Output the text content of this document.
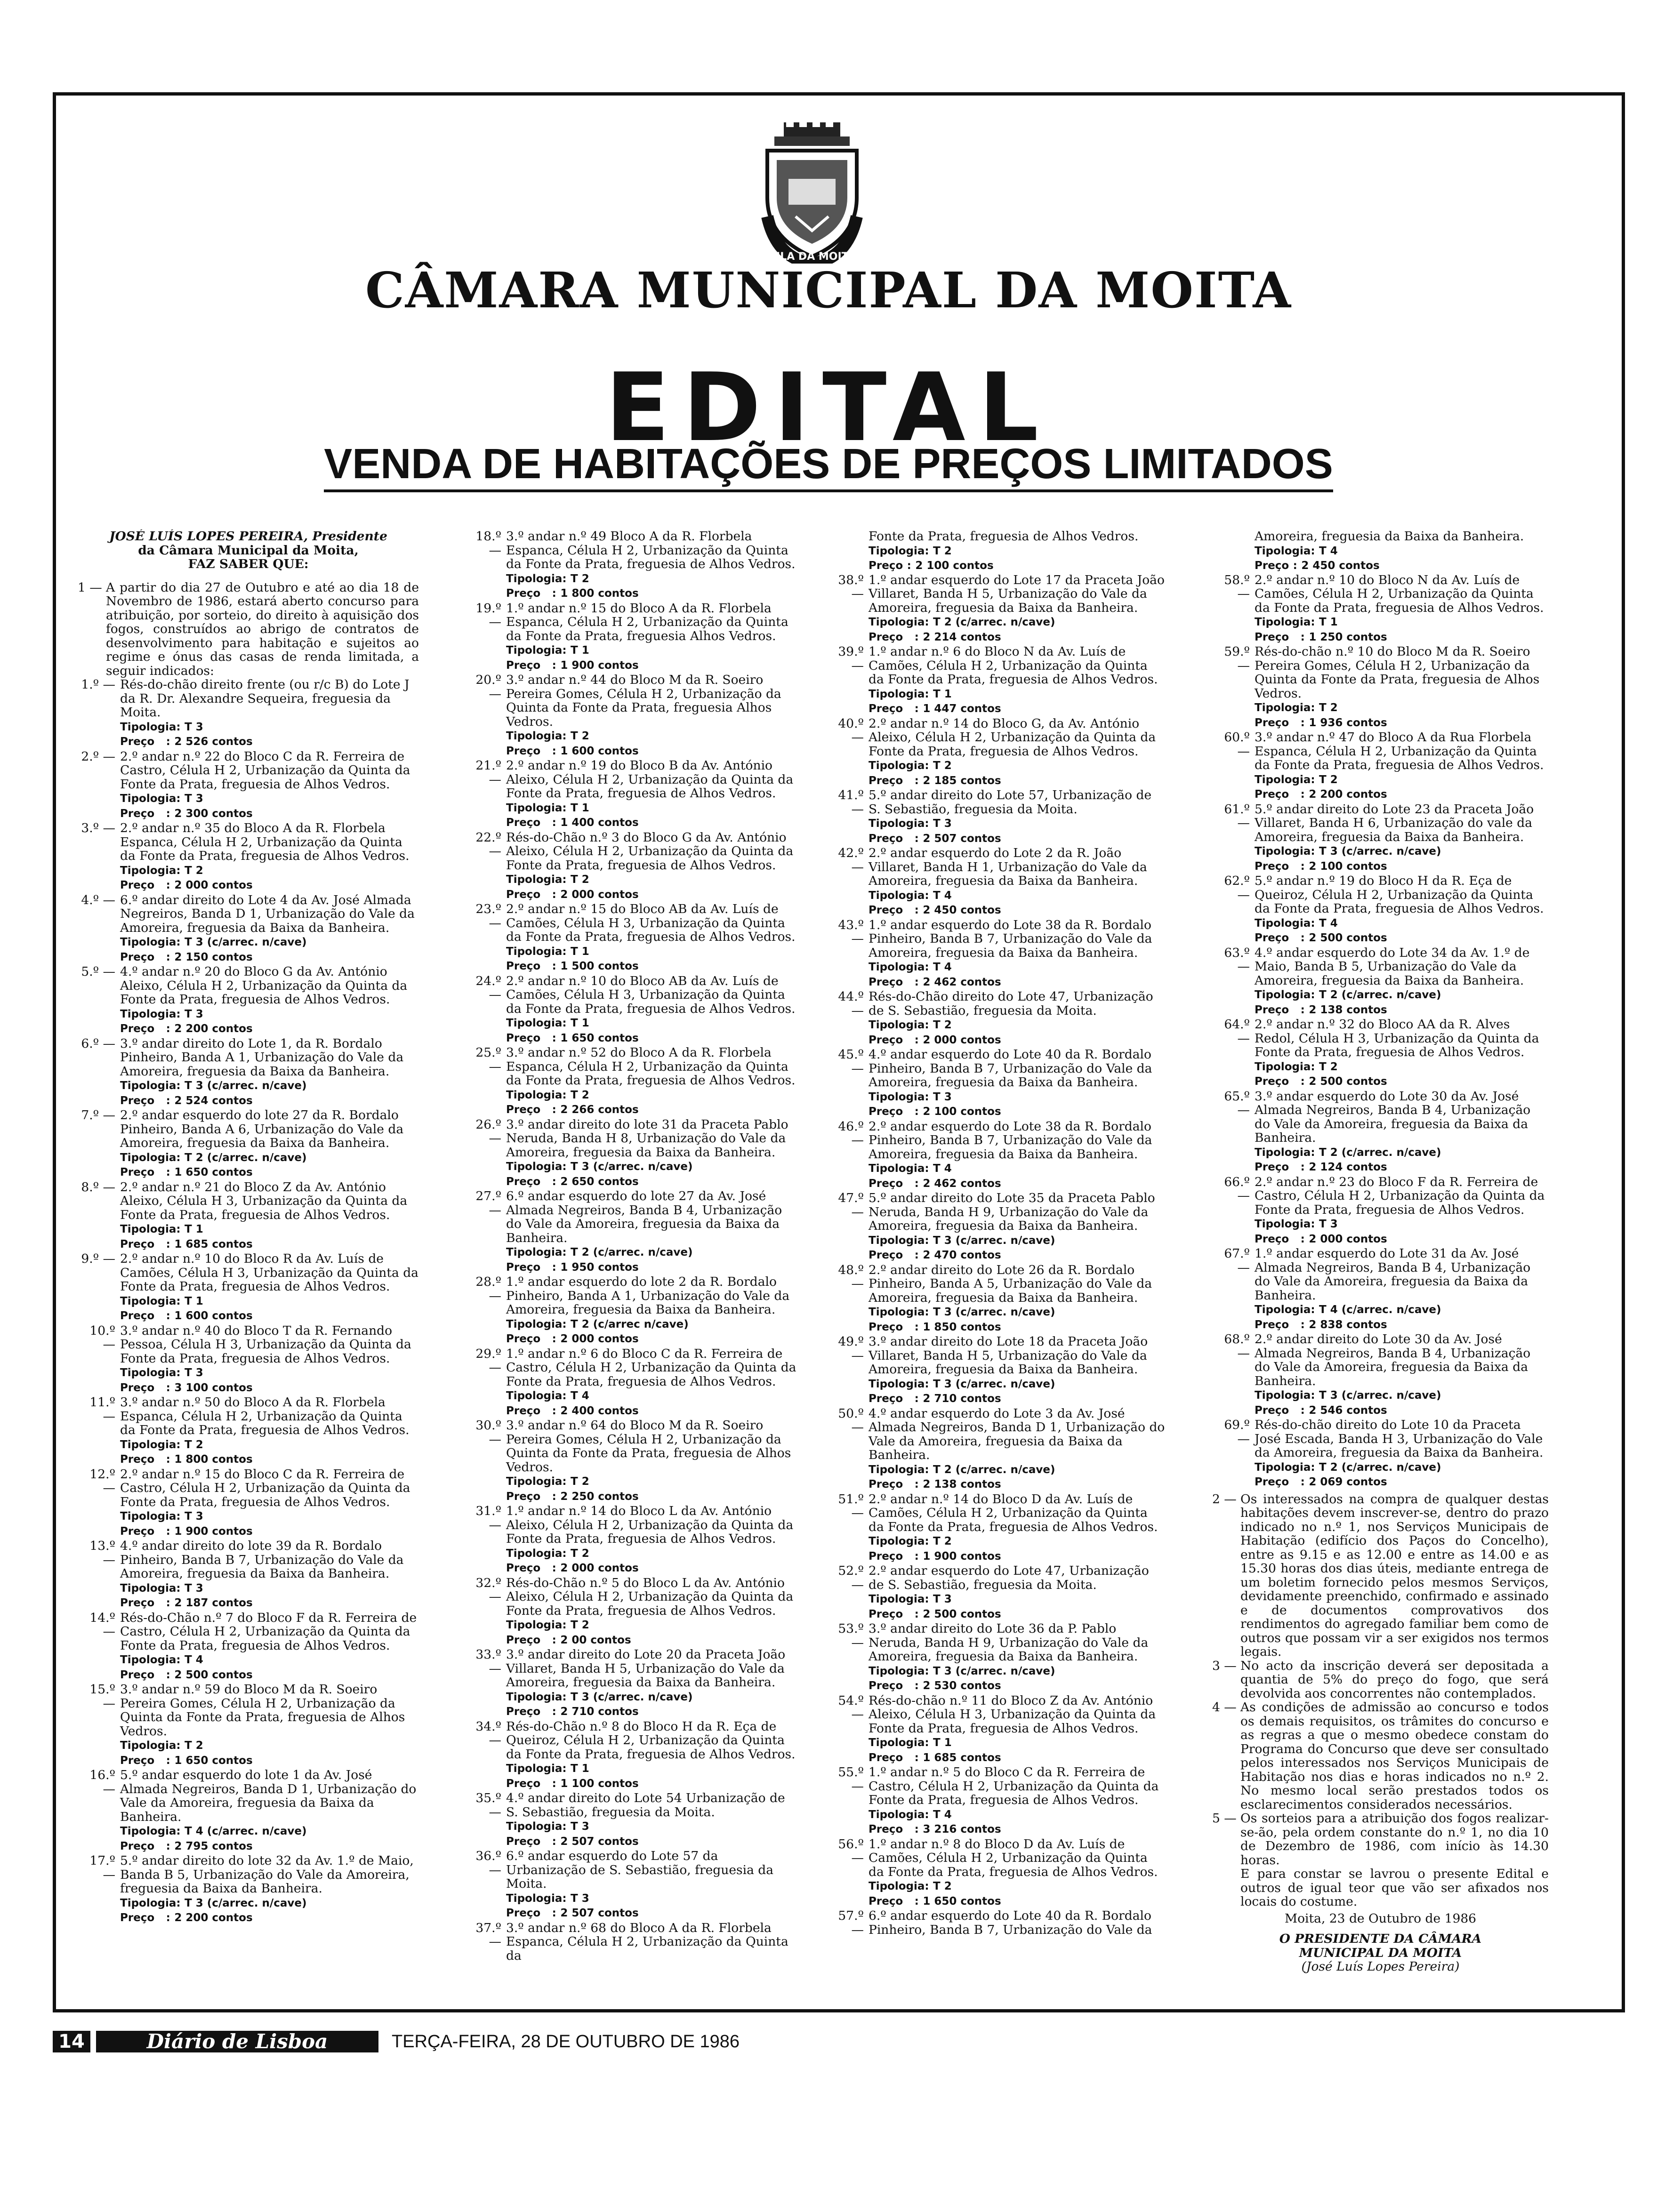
VILA DA MOITA
CÂMARA MUNICIPAL DA MOITA
EDITAL
VENDA DE HABITAÇÕES DE PREÇOS LIMITADOS
JOSÉ LUÍS LOPES PEREIRA, Presidente
da Câmara Municipal da Moita,
FAZ SABER QUE:
1 — A partir do dia 27 de Outubro e até ao dia 18 de Novembro de 1986, estará aberto concurso para atribuição, por sorteio, do direito à aquisição dos fogos, construídos ao abrigo de contratos de desenvolvimento para habitação e sujeitos ao regime e ónus das casas de renda limitada, a seguir indicados:
1.º — Rés-do-chão direito frente (ou r/c B) do Lote J da R. Dr. Alexandre Sequeira, freguesia da Moita.
Tipologia: T 3
Preço   : 2 526 contos
2.º — 2.º andar n.º 22 do Bloco C da R. Ferreira de Castro, Célula H 2, Urbanização da Quinta da Fonte da Prata, freguesia de Alhos Vedros.
Tipologia: T 3
Preço   : 2 300 contos
3.º — 2.º andar n.º 35 do Bloco A da R. Florbela Espanca, Célula H 2, Urbanização da Quinta da Fonte da Prata, freguesia de Alhos Vedros.
Tipologia: T 2
Preço   : 2 000 contos
4.º — 6.º andar direito do Lote 4 da Av. José Almada Negreiros, Banda D 1, Urbanização do Vale da Amoreira, freguesia da Baixa da Banheira.
Tipologia: T 3 (c/arrec. n/cave)
Preço   : 2 150 contos
5.º — 4.º andar n.º 20 do Bloco G da Av. António Aleixo, Célula H 2, Urbanização da Quinta da Fonte da Prata, freguesia de Alhos Vedros.
Tipologia: T 3
Preço   : 2 200 contos
6.º — 3.º andar direito do Lote 1, da R. Bordalo Pinheiro, Banda A 1, Urbanização do Vale da Amoreira, freguesia da Baixa da Banheira.
Tipologia: T 3 (c/arrec. n/cave)
Preço   : 2 524 contos
7.º — 2.º andar esquerdo do lote 27 da R. Bordalo Pinheiro, Banda A 6, Urbanização do Vale da Amoreira, freguesia da Baixa da Banheira.
Tipologia: T 2 (c/arrec. n/cave)
Preço   : 1 650 contos
8.º — 2.º andar n.º 21 do Bloco Z da Av. António Aleixo, Célula H 3, Urbanização da Quinta da Fonte da Prata, freguesia de Alhos Vedros.
Tipologia: T 1
Preço   : 1 685 contos
9.º — 2.º andar n.º 10 do Bloco R da Av. Luís de Camões, Célula H 3, Urbanização da Quinta da Fonte da Prata, freguesia de Alhos Vedros.
Tipologia: T 1
Preço   : 1 600 contos
10.º —
3.º andar n.º 40 do Bloco T da R. Fernando Pessoa, Célula H 3, Urbanização da Quinta da Fonte da Prata, freguesia de Alhos Vedros.
Tipologia: T 3
Preço   : 3 100 contos
11.º —
3.º andar n.º 50 do Bloco A da R. Florbela Espanca, Célula H 2, Urbanização da Quinta da Fonte da Prata, freguesia de Alhos Vedros.
Tipologia: T 2
Preço   : 1 800 contos
12.º —
2.º andar n.º 15 do Bloco C da R. Ferreira de Castro, Célula H 2, Urbanização da Quinta da Fonte da Prata, freguesia de Alhos Vedros.
Tipologia: T 3
Preço   : 1 900 contos
13.º —
4.º andar direito do lote 39 da R. Bordalo Pinheiro, Banda B 7, Urbanização do Vale da Amoreira, freguesia da Baixa da Banheira.
Tipologia: T 3
Preço   : 2 187 contos
14.º —
Rés-do-Chão n.º 7 do Bloco F da R. Ferreira de Castro, Célula H 2, Urbanização da Quinta da Fonte da Prata, freguesia de Alhos Vedros.
Tipologia: T 4
Preço   : 2 500 contos
15.º —
3.º andar n.º 59 do Bloco M da R. Soeiro Pereira Gomes, Célula H 2, Urbanização da Quinta da Fonte da Prata, freguesia de Alhos Vedros.
Tipologia: T 2
Preço   : 1 650 contos
16.º —
5.º andar esquerdo do lote 1 da Av. José Almada Negreiros, Banda D 1, Urbanização do Vale da Amoreira, freguesia da Baixa da Banheira.
Tipologia: T 4 (c/arrec. n/cave)
Preço   : 2 795 contos
17.º —
5.º andar direito do lote 32 da Av. 1.º de Maio, Banda B 5, Urbanização do Vale da Amoreira, freguesia da Baixa da Banheira.
Tipologia: T 3 (c/arrec. n/cave)
Preço   : 2 200 contos
18.º —
3.º andar n.º 49 Bloco A da R. Florbela Espanca, Célula H 2, Urbanização da Quinta da Fonte da Prata, freguesia de Alhos Vedros.
Tipologia: T 2
Preço   : 1 800 contos
19.º —
1.º andar n.º 15 do Bloco A da R. Florbela Espanca, Célula H 2, Urbanização da Quinta da Fonte da Prata, freguesia Alhos Vedros.
Tipologia: T 1
Preço   : 1 900 contos
20.º —
3.º andar n.º 44 do Bloco M da R. Soeiro Pereira Gomes, Célula H 2, Urbanização da Quinta da Fonte da Prata, freguesia Alhos Vedros.
Tipologia: T 2
Preço   : 1 600 contos
21.º —
2.º andar n.º 19 do Bloco B da Av. António Aleixo, Célula H 2, Urbanização da Quinta da Fonte da Prata, freguesia de Alhos Vedros.
Tipologia: T 1
Preço   : 1 400 contos
22.º —
Rés-do-Chão n.º 3 do Bloco G da Av. António Aleixo, Célula H 2, Urbanização da Quinta da Fonte da Prata, freguesia de Alhos Vedros.
Tipologia: T 2
Preço   : 2 000 contos
23.º —
2.º andar n.º 15 do Bloco AB da Av. Luís de Camões, Célula H 3, Urbanização da Quinta da Fonte da Prata, freguesia de Alhos Vedros.
Tipologia: T 1
Preço   : 1 500 contos
24.º —
2.º andar n.º 10 do Bloco AB da Av. Luís de Camões, Célula H 3, Urbanização da Quinta da Fonte da Prata, freguesia de Alhos Vedros.
Tipologia: T 1
Preço   : 1 650 contos
25.º —
3.º andar n.º 52 do Bloco A da R. Florbela Espanca, Célula H 2, Urbanização da Quinta da Fonte da Prata, freguesia de Alhos Vedros.
Tipologia: T 2
Preço   : 2 266 contos
26.º —
3.º andar direito do lote 31 da Praceta Pablo Neruda, Banda H 8, Urbanização do Vale da Amoreira, freguesia da Baixa da Banheira.
Tipologia: T 3 (c/arrec. n/cave)
Preço   : 2 650 contos
27.º —
6.º andar esquerdo do lote 27 da Av. José Almada Negreiros, Banda B 4, Urbanização do Vale da Amoreira, freguesia da Baixa da Banheira.
Tipologia: T 2 (c/arrec. n/cave)
Preço   : 1 950 contos
28.º —
1.º andar esquerdo do lote 2 da R. Bordalo Pinheiro, Banda A 1, Urbanização do Vale da Amoreira, freguesia da Baixa da Banheira.
Tipologia: T 2 (c/arrec n/cave)
Preço   : 2 000 contos
29.º —
1.º andar n.º 6 do Bloco C da R. Ferreira de Castro, Célula H 2, Urbanização da Quinta da Fonte da Prata, freguesia de Alhos Vedros.
Tipologia: T 4
Preço   : 2 400 contos
30.º —
3.º andar n.º 64 do Bloco M da R. Soeiro Pereira Gomes, Célula H 2, Urbanização da Quinta da Fonte da Prata, freguesia de Alhos Vedros.
Tipologia: T 2
Preço   : 2 250 contos
31.º —
1.º andar n.º 14 do Bloco L da Av. António Aleixo, Célula H 2, Urbanização da Quinta da Fonte da Prata, freguesia de Alhos Vedros.
Tipologia: T 2
Preço   : 2 000 contos
32.º —
Rés-do-Chão n.º 5 do Bloco L da Av. António Aleixo, Célula H 2, Urbanização da Quinta da Fonte da Prata, freguesia de Alhos Vedros.
Tipologia: T 2
Preço   : 2 00 contos
33.º —
3.º andar direito do Lote 20 da Praceta João Villaret, Banda H 5, Urbanização do Vale da Amoreira, freguesia da Baixa da Banheira.
Tipologia: T 3 (c/arrec. n/cave)
Preço   : 2 710 contos
34.º —
Rés-do-Chão n.º 8 do Bloco H da R. Eça de Queiroz, Célula H 2, Urbanização da Quinta da Fonte da Prata, freguesia de Alhos Vedros.
Tipologia: T 1
Preço   : 1 100 contos
35.º —
4.º andar direito do Lote 54 Urbanização de S. Sebastião, freguesia da Moita.
Tipologia: T 3
Preço   : 2 507 contos
36.º —
6.º andar esquerdo do Lote 57 da Urbanização de S. Sebastião, freguesia da Moita.
Tipologia: T 3
Preço   : 2 507 contos
37.º —
3.º andar n.º 68 do Bloco A da R. Florbela Espanca, Célula H 2, Urbanização da Quinta da
Fonte da Prata, freguesia de Alhos Vedros.
Tipologia: T 2
Preço : 2 100 contos
38.º —
1.º andar esquerdo do Lote 17 da Praceta João Villaret, Banda H 5, Urbanização do Vale da Amoreira, freguesia da Baixa da Banheira.
Tipologia: T 2 (c/arrec. n/cave)
Preço   : 2 214 contos
39.º —
1.º andar n.º 6 do Bloco N da Av. Luís de Camões, Célula H 2, Urbanização da Quinta da Fonte da Prata, freguesia de Alhos Vedros.
Tipologia: T 1
Preço   : 1 447 contos
40.º —
2.º andar n.º 14 do Bloco G, da Av. António Aleixo, Célula H 2, Urbanização da Quinta da Fonte da Prata, freguesia de Alhos Vedros.
Tipologia: T 2
Preço   : 2 185 contos
41.º —
5.º andar direito do Lote 57, Urbanização de S. Sebastião, freguesia da Moita.
Tipologia: T 3
Preço   : 2 507 contos
42.º —
2.º andar esquerdo do Lote 2 da R. João Villaret, Banda H 1, Urbanização do Vale da Amoreira, freguesia da Baixa da Banheira.
Tipologia: T 4
Preço   : 2 450 contos
43.º —
1.º andar esquerdo do Lote 38 da R. Bordalo Pinheiro, Banda B 7, Urbanização do Vale da Amoreira, freguesia da Baixa da Banheira.
Tipologia: T 4
Preço   : 2 462 contos
44.º —
Rés-do-Chão direito do Lote 47, Urbanização de S. Sebastião, freguesia da Moita.
Tipologia: T 2
Preço   : 2 000 contos
45.º —
4.º andar esquerdo do Lote 40 da R. Bordalo Pinheiro, Banda B 7, Urbanização do Vale da Amoreira, freguesia da Baixa da Banheira.
Tipologia: T 3
Preço   : 2 100 contos
46.º —
2.º andar esquerdo do Lote 38 da R. Bordalo Pinheiro, Banda B 7, Urbanização do Vale da Amoreira, freguesia da Baixa da Banheira.
Tipologia: T 4
Preço   : 2 462 contos
47.º —
5.º andar direito do Lote 35 da Praceta Pablo Neruda, Banda H 9, Urbanização do Vale da Amoreira, freguesia da Baixa da Banheira.
Tipologia: T 3 (c/arrec. n/cave)
Preço   : 2 470 contos
48.º —
2.º andar direito do Lote 26 da R. Bordalo Pinheiro, Banda A 5, Urbanização do Vale da Amoreira, freguesia da Baixa da Banheira.
Tipologia: T 3 (c/arrec. n/cave)
Preço   : 1 850 contos
49.º —
3.º andar direito do Lote 18 da Praceta João Villaret, Banda H 5, Urbanização do Vale da Amoreira, freguesia da Baixa da Banheira.
Tipologia: T 3 (c/arrec. n/cave)
Preço   : 2 710 contos
50.º —
4.º andar esquerdo do Lote 3 da Av. José Almada Negreiros, Banda D 1, Urbanização do Vale da Amoreira, freguesia da Baixa da Banheira.
Tipologia: T 2 (c/arrec. n/cave)
Preço   : 2 138 contos
51.º —
2.º andar n.º 14 do Bloco D da Av. Luís de Camões, Célula H 2, Urbanização da Quinta da Fonte da Prata, freguesia de Alhos Vedros.
Tipologia: T 2
Preço   : 1 900 contos
52.º —
2.º andar esquerdo do Lote 47, Urbanização de S. Sebastião, freguesia da Moita.
Tipologia: T 3
Preço   : 2 500 contos
53.º —
3.º andar direito do Lote 36 da P. Pablo Neruda, Banda H 9, Urbanização do Vale da Amoreira, freguesia da Baixa da Banheira.
Tipologia: T 3 (c/arrec. n/cave)
Preço   : 2 530 contos
54.º —
Rés-do-chão n.º 11 do Bloco Z da Av. António Aleixo, Célula H 3, Urbanização da Quinta da Fonte da Prata, freguesia de Alhos Vedros.
Tipologia: T 1
Preço   : 1 685 contos
55.º —
1.º andar n.º 5 do Bloco C da R. Ferreira de Castro, Célula H 2, Urbanização da Quinta da Fonte da Prata, freguesia de Alhos Vedros.
Tipologia: T 4
Preço   : 3 216 contos
56.º —
1.º andar n.º 8 do Bloco D da Av. Luís de Camões, Célula H 2, Urbanização da Quinta da Fonte da Prata, freguesia de Alhos Vedros.
Tipologia: T 2
Preço   : 1 650 contos
57.º —
6.º andar esquerdo do Lote 40 da R. Bordalo Pinheiro, Banda B 7, Urbanização do Vale da
Amoreira, freguesia da Baixa da Banheira.
Tipologia: T 4
Preço : 2 450 contos
58.º —
2.º andar n.º 10 do Bloco N da Av. Luís de Camões, Célula H 2, Urbanização da Quinta da Fonte da Prata, freguesia de Alhos Vedros.
Tipologia: T 1
Preço   : 1 250 contos
59.º —
Rés-do-chão n.º 10 do Bloco M da R. Soeiro Pereira Gomes, Célula H 2, Urbanização da Quinta da Fonte da Prata, freguesia de Alhos Vedros.
Tipologia: T 2
Preço   : 1 936 contos
60.º —
3.º andar n.º 47 do Bloco A da Rua Florbela Espanca, Célula H 2, Urbanização da Quinta da Fonte da Prata, freguesia de Alhos Vedros.
Tipologia: T 2
Preço   : 2 200 contos
61.º —
5.º andar direito do Lote 23 da Praceta João Villaret, Banda H 6, Urbanização do vale da Amoreira, freguesia da Baixa da Banheira.
Tipologia: T 3 (c/arrec. n/cave)
Preço   : 2 100 contos
62.º —
5.º andar n.º 19 do Bloco H da R. Eça de Queiroz, Célula H 2, Urbanização da Quinta da Fonte da Prata, freguesia de Alhos Vedros.
Tipologia: T 4
Preço   : 2 500 contos
63.º —
4.º andar esquerdo do Lote 34 da Av. 1.º de Maio, Banda B 5, Urbanização do Vale da Amoreira, freguesia da Baixa da Banheira.
Tipologia: T 2 (c/arrec. n/cave)
Preço   : 2 138 contos
64.º —
2.º andar n.º 32 do Bloco AA da R. Alves Redol, Célula H 3, Urbanização da Quinta da Fonte da Prata, freguesia de Alhos Vedros.
Tipologia: T 2
Preço   : 2 500 contos
65.º —
3.º andar esquerdo do Lote 30 da Av. José Almada Negreiros, Banda B 4, Urbanização do Vale da Amoreira, freguesia da Baixa da Banheira.
Tipologia: T 2 (c/arrec. n/cave)
Preço   : 2 124 contos
66.º —
2.º andar n.º 23 do Bloco F da R. Ferreira de Castro, Célula H 2, Urbanização da Quinta da Fonte da Prata, freguesia de Alhos Vedros.
Tipologia: T 3
Preço   : 2 000 contos
67.º —
1.º andar esquerdo do Lote 31 da Av. José Almada Negreiros, Banda B 4, Urbanização do Vale da Amoreira, freguesia da Baixa da Banheira.
Tipologia: T 4 (c/arrec. n/cave)
Preço   : 2 838 contos
68.º —
2.º andar direito do Lote 30 da Av. José Almada Negreiros, Banda B 4, Urbanização do Vale da Amoreira, freguesia da Baixa da Banheira.
Tipologia: T 3 (c/arrec. n/cave)
Preço   : 2 546 contos
69.º —
Rés-do-chão direito do Lote 10 da Praceta José Escada, Banda H 3, Urbanização do Vale da Amoreira, freguesia da Baixa da Banheira.
Tipologia: T 2 (c/arrec. n/cave)
Preço   : 2 069 contos
2 — Os interessados na compra de qualquer destas habitações devem inscrever-se, dentro do prazo indicado no n.º 1, nos Serviços Municipais de Habitação (edifício dos Paços do Concelho), entre as 9.15 e as 12.00 e entre as 14.00 e as 15.30 horas dos dias úteis, mediante entrega de um boletim fornecido pelos mesmos Serviços, devidamente preenchido, confirmado e assinado e de documentos comprovativos dos rendimentos do agregado familiar bem como de outros que possam vir a ser exigidos nos termos legais.
3 — No acto da inscrição deverá ser depositada a quantia de 5% do preço do fogo, que será devolvida aos concorrentes não contemplados.
4 — As condições de admissão ao concurso e todos os demais requisitos, os trâmites do concurso e as regras a que o mesmo obedece constam do Programa do Concurso que deve ser consultado pelos interessados nos Serviços Municipais de Habitação nos dias e horas indicados no n.º 2. No mesmo local serão prestados todos os esclarecimentos considerados necessários.
5 — Os sorteios para a atribuição dos fogos realizar-se-ão, pela ordem constante do n.º 1, no dia 10 de Dezembro de 1986, com início às 14.30 horas.
E para constar se lavrou o presente Edital e outros de igual teor que vão ser afixados nos locais do costume.
Moita, 23 de Outubro de 1986
O PRESIDENTE DA CÂMARA
MUNICIPAL DA MOITA
(José Luís Lopes Pereira)
14	Diário de Lisboa	TERÇA-FEIRA, 28 DE OUTUBRO DE 1986
